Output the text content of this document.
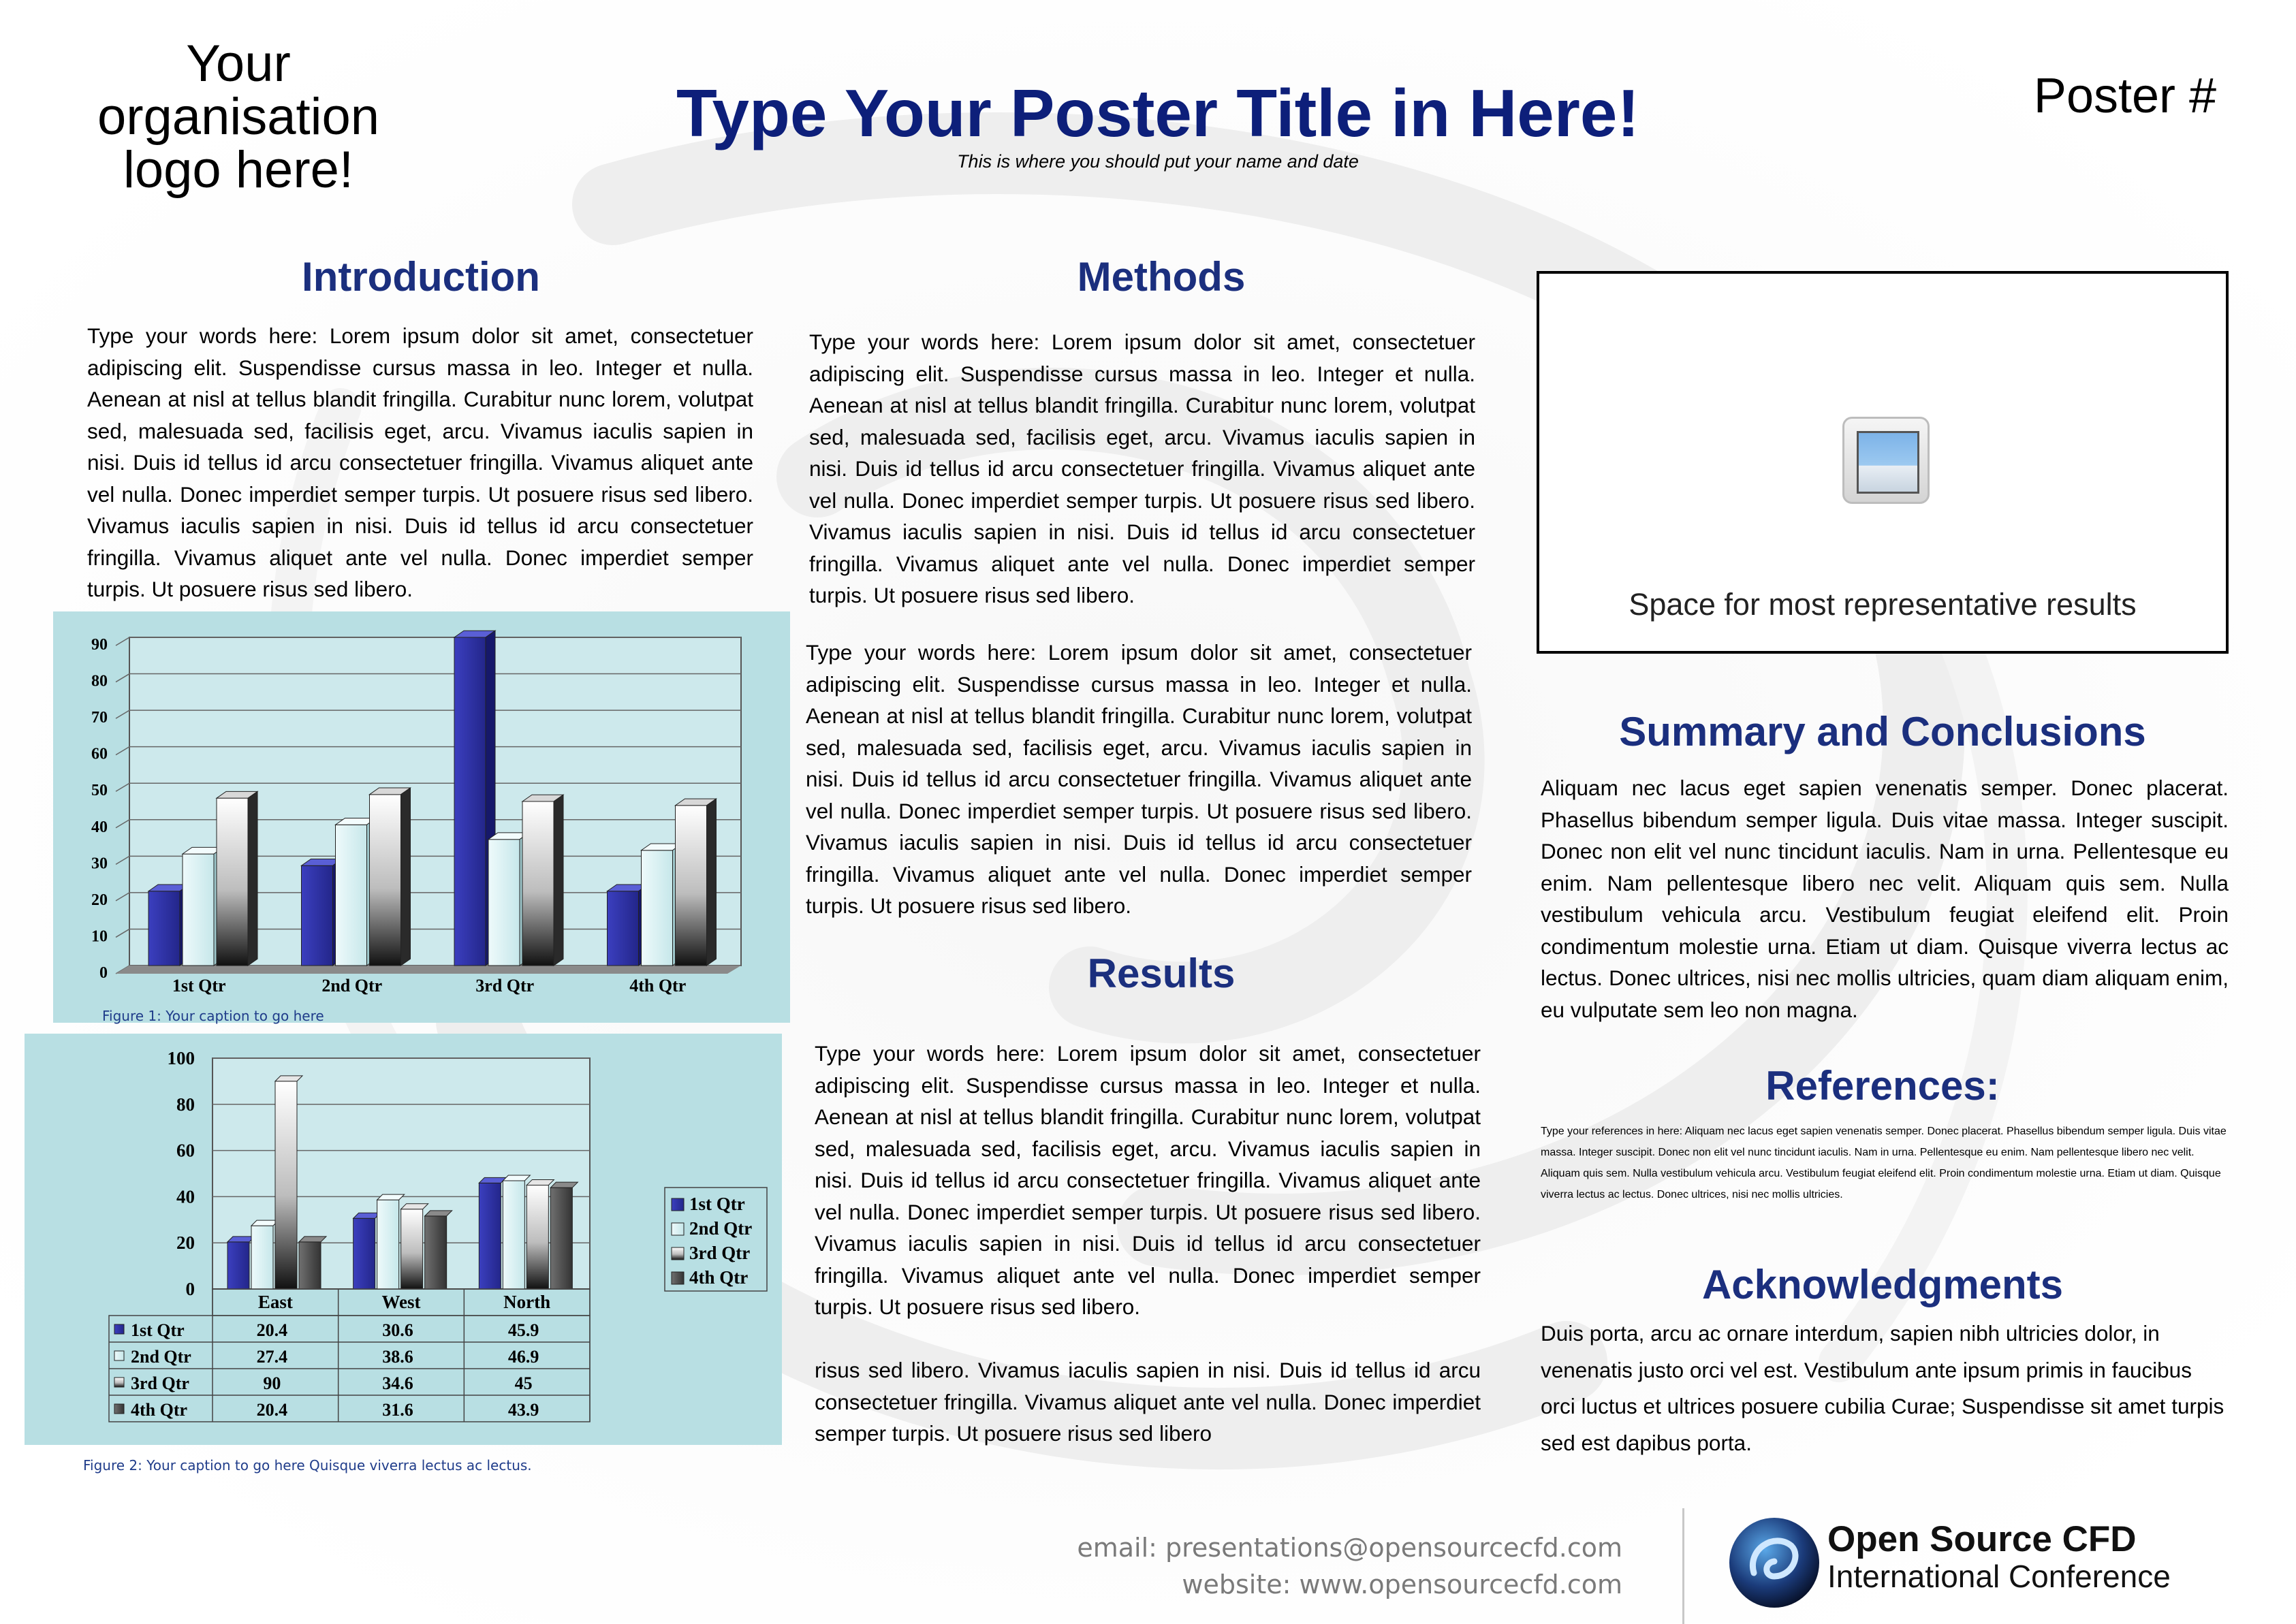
Your organisation logo here!
Poster #
Type Your Poster Title in Here!
This is where you should put your name and date
Introduction
Type your words here: Lorem ipsum dolor sit amet, consectetuer adipiscing elit. Suspendisse cursus massa in leo. Integer et nulla. Aenean at nisl at tellus blandit fringilla. Curabitur nunc lorem, volutpat sed, malesuada sed, facilisis eget, arcu. Vivamus iaculis sapien in nisi. Duis id tellus id arcu consectetuer fringilla. Vivamus aliquet ante vel nulla. Donec imperdiet semper turpis. Ut posuere risus sed libero. Vivamus iaculis sapien in nisi. Duis id tellus id arcu consectetuer fringilla. Vivamus aliquet ante vel nulla. Donec imperdiet semper turpis. Ut posuere risus sed libero.
0
10
20
30
40
50
60
70
80
90
1st Qtr	2nd Qtr	3rd Qtr	4th Qtr
Figure 1: Your caption to go here
0
20
40
60
80
100
East	West	North
1st Qtr	20.4	30.6	45.9
2nd Qtr	27.4	38.6	46.9
3rd Qtr	90	34.6	45
4th Qtr	20.4	31.6	43.9
1st Qtr
2nd Qtr
3rd Qtr
4th Qtr
Figure 2: Your caption to go here Quisque viverra lectus ac lectus.
Methods
Type your words here: Lorem ipsum dolor sit amet, consectetuer adipiscing elit. Suspendisse cursus massa in leo. Integer et nulla. Aenean at nisl at tellus blandit fringilla. Curabitur nunc lorem, volutpat sed, malesuada sed, facilisis eget, arcu. Vivamus iaculis sapien in nisi. Duis id tellus id arcu consectetuer fringilla. Vivamus aliquet ante vel nulla. Donec imperdiet semper turpis. Ut posuere risus sed libero. Vivamus iaculis sapien in nisi. Duis id tellus id arcu consectetuer fringilla. Vivamus aliquet ante vel nulla. Donec imperdiet semper turpis. Ut posuere risus sed libero.
Type your words here: Lorem ipsum dolor sit amet, consectetuer adipiscing elit. Suspendisse cursus massa in leo. Integer et nulla. Aenean at nisl at tellus blandit fringilla. Curabitur nunc lorem, volutpat sed, malesuada sed, facilisis eget, arcu. Vivamus iaculis sapien in nisi. Duis id tellus id arcu consectetuer fringilla. Vivamus aliquet ante vel nulla. Donec imperdiet semper turpis. Ut posuere risus sed libero. Vivamus iaculis sapien in nisi. Duis id tellus id arcu consectetuer fringilla. Vivamus aliquet ante vel nulla. Donec imperdiet semper turpis. Ut posuere risus sed libero.
Results
Type your words here: Lorem ipsum dolor sit amet, consectetuer adipiscing elit. Suspendisse cursus massa in leo. Integer et nulla. Aenean at nisl at tellus blandit fringilla. Curabitur nunc lorem, volutpat sed, malesuada sed, facilisis eget, arcu. Vivamus iaculis sapien in nisi. Duis id tellus id arcu consectetuer fringilla. Vivamus aliquet ante vel nulla. Donec imperdiet semper turpis. Ut posuere risus sed libero. Vivamus iaculis sapien in nisi. Duis id tellus id arcu consectetuer fringilla. Vivamus aliquet ante vel nulla. Donec imperdiet semper turpis. Ut posuere risus sed libero.
risus sed libero. Vivamus iaculis sapien in nisi. Duis id tellus id arcu consectetuer fringilla. Vivamus aliquet ante vel nulla. Donec imperdiet semper turpis. Ut posuere risus sed libero
Space for most representative results
Summary and Conclusions
Aliquam nec lacus eget sapien venenatis semper. Donec placerat. Phasellus bibendum semper ligula. Duis vitae massa. Integer suscipit. Donec non elit vel nunc tincidunt iaculis. Nam in urna. Pellentesque eu enim. Nam pellentesque libero nec velit. Aliquam quis sem. Nulla vestibulum vehicula arcu. Vestibulum feugiat eleifend elit. Proin condimentum molestie urna. Etiam ut diam. Quisque viverra lectus ac lectus. Donec ultrices, nisi nec mollis ultricies, quam diam aliquam enim, eu vulputate sem leo non magna.
References:
Type your references in here: Aliquam nec lacus eget sapien venenatis semper. Donec placerat. Phasellus bibendum semper ligula. Duis vitae massa. Integer suscipit. Donec non elit vel nunc tincidunt iaculis. Nam in urna. Pellentesque eu enim. Nam pellentesque libero nec velit. Aliquam quis sem. Nulla vestibulum vehicula arcu. Vestibulum feugiat eleifend elit. Proin condimentum molestie urna. Etiam ut diam. Quisque viverra lectus ac lectus. Donec ultrices, nisi nec mollis ultricies.
Acknowledgments
Duis porta, arcu ac ornare interdum, sapien nibh ultricies dolor, in venenatis justo orci vel est. Vestibulum ante ipsum primis in faucibus orci luctus et ultrices posuere cubilia Curae; Suspendisse sit amet turpis sed est dapibus porta.
email: presentations@opensourcecfd.com
website: www.opensourcecfd.com
Open Source CFD
International Conference
